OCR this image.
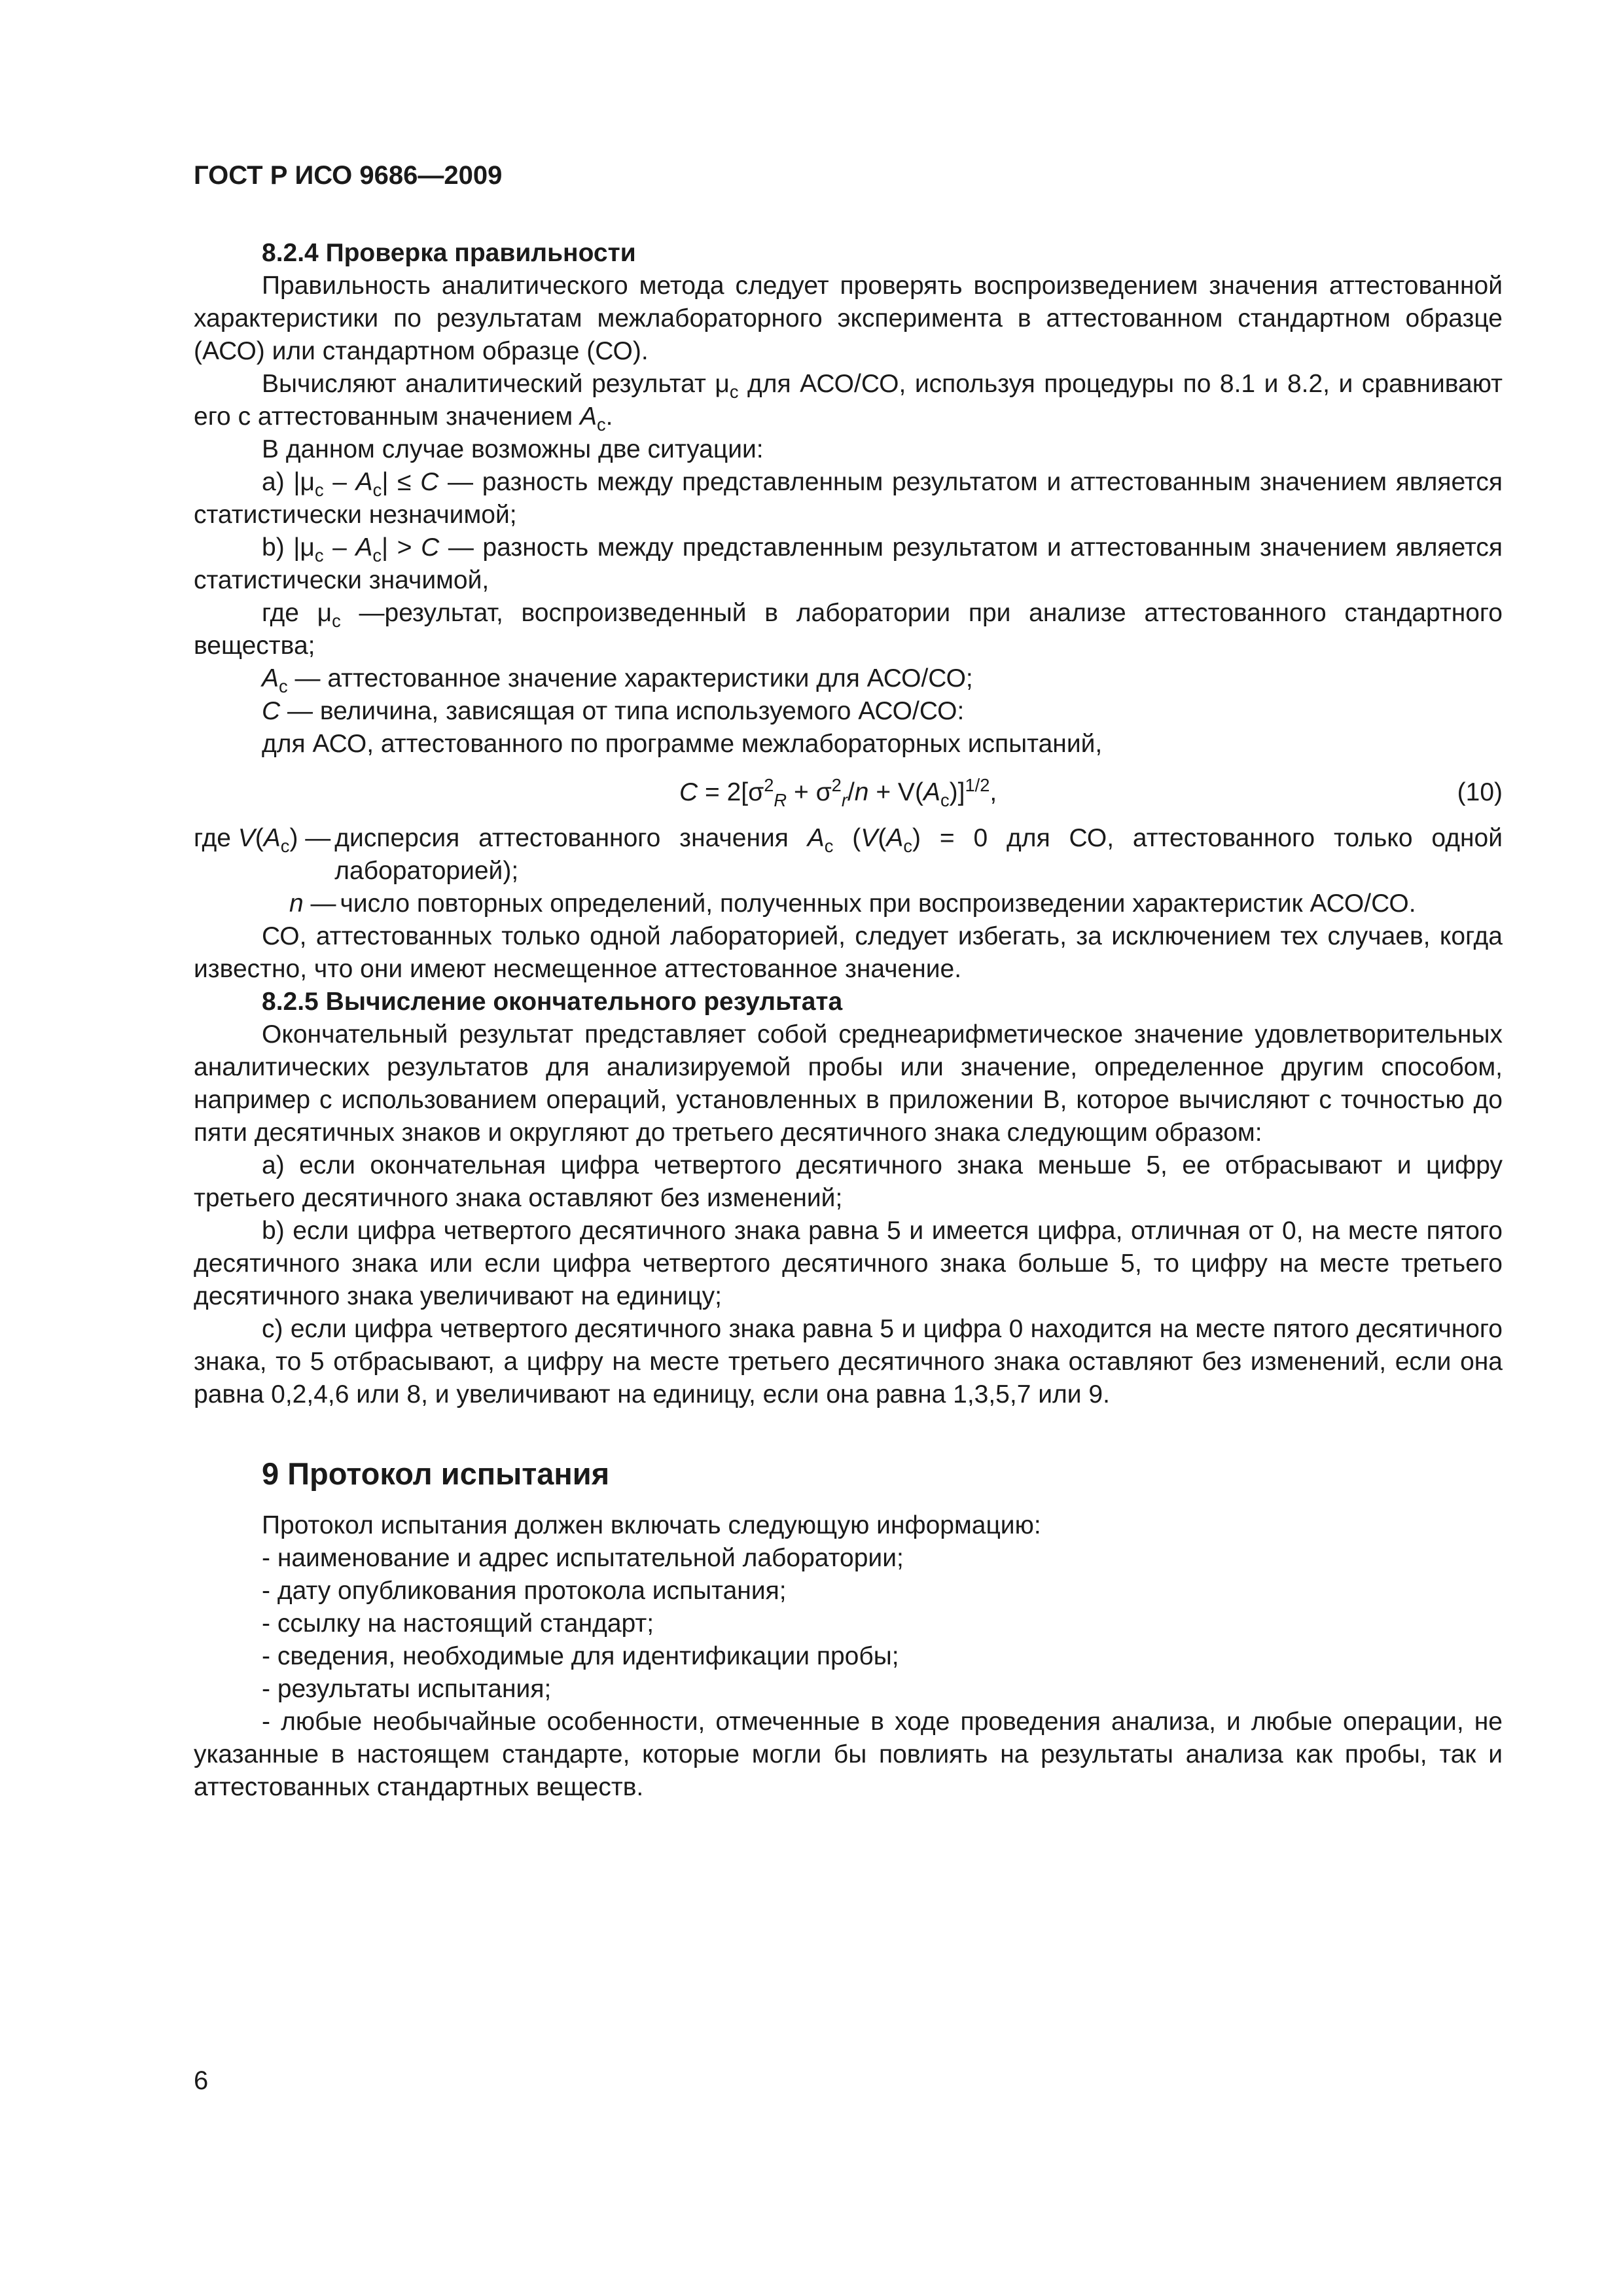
ГОСТ Р ИСО 9686—2009

8.2.4 Проверка правильности

Правильность аналитического метода следует проверять воспроизведением значения аттестованной характеристики по результатам межлабораторного эксперимента в аттестованном стандартном образце (АСО) или стандартном образце (СО).

Вычисляют аналитический результат $\mu_с$ для АСО/СО, используя процедуры по 8.1 и 8.2, и сравнивают его с аттестованным значением $A_c$.

В данном случае возможны две ситуации:

a) $|\mu_c - A_c| \le C$ — разность между представленным результатом и аттестованным значением является статистически незначимой;

b) $|\mu_c - A_c| > C$ — разность между представленным результатом и аттестованным значением является статистически значимой,

где $\mu_с$ —результат, воспроизведенный в лаборатории при анализе аттестованного стандартного вещества;

$A_c$ — аттестованное значение характеристики для АСО/СО;

C — величина, зависящая от типа используемого АСО/СО:

для АСО, аттестованного по программе межлабораторных испытаний,

$C = 2[\sigma^2_R + \sigma^2_r/n + V(A_c)]^{1/2}$,	(10)
где $V(A_c)$ — дисперсия аттестованного значения $A_c$ ($V(A_c) = 0$ для СО, аттестованного только одной лабораторией);
n — число повторных определений, полученных при воспроизведении характеристик АСО/СО.

СО, аттестованных только одной лабораторией, следует избегать, за исключением тех случаев, когда известно, что они имеют несмещенное аттестованное значение.

8.2.5 Вычисление окончательного результата

Окончательный результат представляет собой среднеарифметическое значение удовлетворительных аналитических результатов для анализируемой пробы или значение, определенное другим способом, например с использованием операций, установленных в приложении В, которое вычисляют с точностью до пяти десятичных знаков и округляют до третьего десятичного знака следующим образом:

a) если окончательная цифра четвертого десятичного знака меньше 5, ее отбрасывают и цифру третьего десятичного знака оставляют без изменений;

b) если цифра четвертого десятичного знака равна 5 и имеется цифра, отличная от 0, на месте пятого десятичного знака или если цифра четвертого десятичного знака больше 5, то цифру на месте третьего десятичного знака увеличивают на единицу;

c) если цифра четвертого десятичного знака равна 5 и цифра 0 находится на месте пятого десятичного знака, то 5 отбрасывают, а цифру на месте третьего десятичного знака оставляют без изменений, если она равна 0,2,4,6 или 8, и увеличивают на единицу, если она равна 1,3,5,7 или 9.

9 Протокол испытания

Протокол испытания должен включать следующую информацию:

- наименование и адрес испытательной лаборатории;

- дату опубликования протокола испытания;

- ссылку на настоящий стандарт;

- сведения, необходимые для идентификации пробы;

- результаты испытания;

- любые необычайные особенности, отмеченные в ходе проведения анализа, и любые операции, не указанные в настоящем стандарте, которые могли бы повлиять на результаты анализа как пробы, так и аттестованных стандартных веществ.

6
